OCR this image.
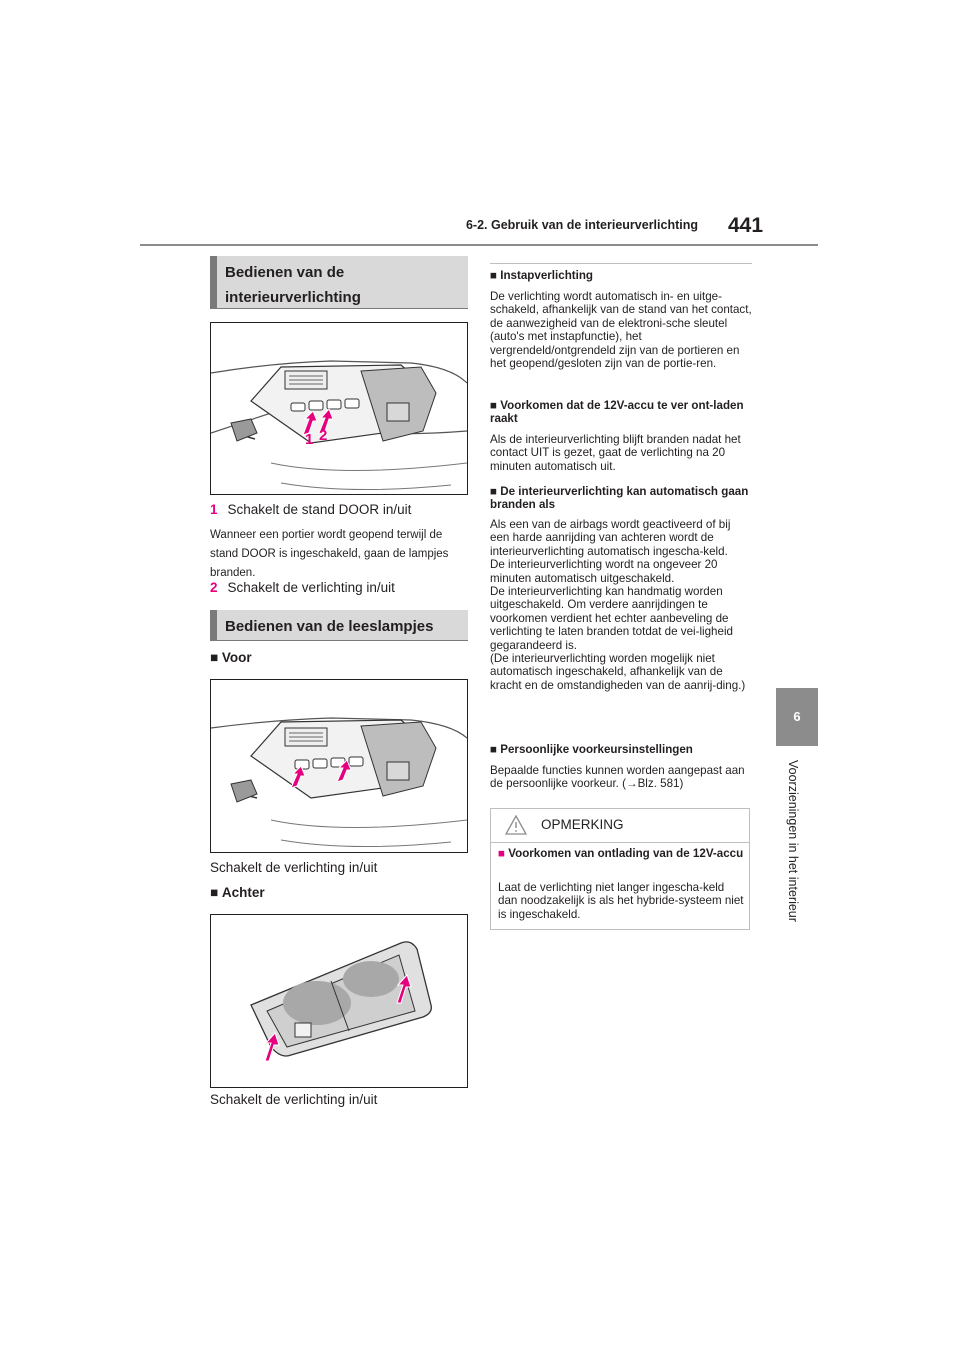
6-2. Gebruik van de interieurverlichting 441
6
Voorzieningen in het interieur
Bedienen van de interieurverlichting
1 2
1 Schakelt de stand DOOR in/uit
Wanneer een portier wordt geopend terwijl de stand DOOR is ingeschakeld, gaan de lampjes branden.
2 Schakelt de verlichting in/uit
Bedienen van de leeslampjes
■ Voor
Schakelt de verlichting in/uit
■ Achter
Schakelt de verlichting in/uit
■ Instapverlichting
De verlichting wordt automatisch in- en uitge-schakeld, afhankelijk van de stand van het contact, de aanwezigheid van de elektroni-sche sleutel (auto's met instapfunctie), het vergrendeld/ontgrendeld zijn van de portieren en het geopend/gesloten zijn van de portie-ren.
■ Voorkomen dat de 12V-accu te ver ont-laden raakt
Als de interieurverlichting blijft branden nadat het contact UIT is gezet, gaat de verlichting na 20 minuten automatisch uit.
■ De interieurverlichting kan automatisch gaan branden als
Als een van de airbags wordt geactiveerd of bij een harde aanrijding van achteren wordt de interieurverlichting automatisch ingescha-keld.
De interieurverlichting wordt na ongeveer 20 minuten automatisch uitgeschakeld.
De interieurverlichting kan handmatig worden uitgeschakeld. Om verdere aanrijdingen te voorkomen verdient het echter aanbeveling de verlichting te laten branden totdat de vei-ligheid gegarandeerd is.
(De interieurverlichting worden mogelijk niet automatisch ingeschakeld, afhankelijk van de kracht en de omstandigheden van de aanrij-ding.)
■ Persoonlijke voorkeursinstellingen
Bepaalde functies kunnen worden aangepast aan de persoonlijke voorkeur. (→Blz. 581)
OPMERKING
■ Voorkomen van ontlading van de 12V-accu
Laat de verlichting niet langer ingescha-keld dan noodzakelijk is als het hybride-systeem niet is ingeschakeld.
